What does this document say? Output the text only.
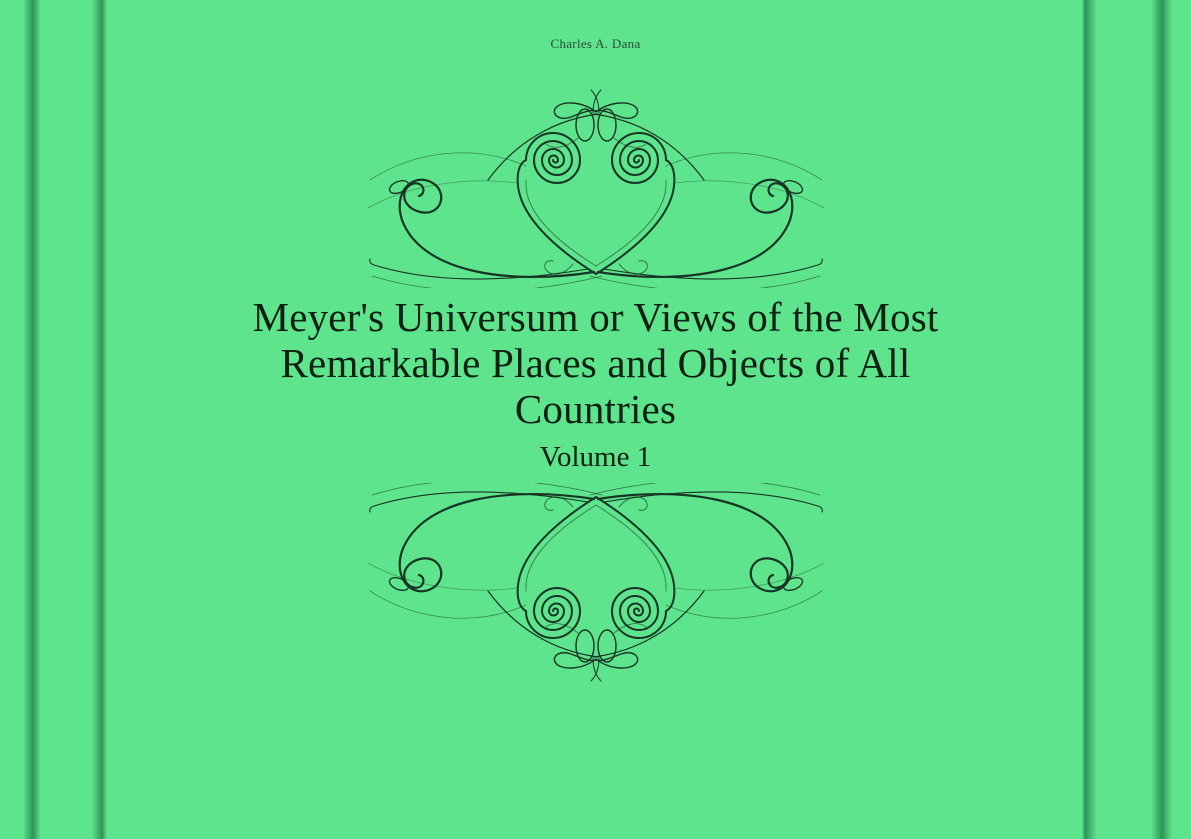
Charles A. Dana
Meyer's Universum or Views of the Most
Remarkable Places and Objects of All
Countries
Volume 1
